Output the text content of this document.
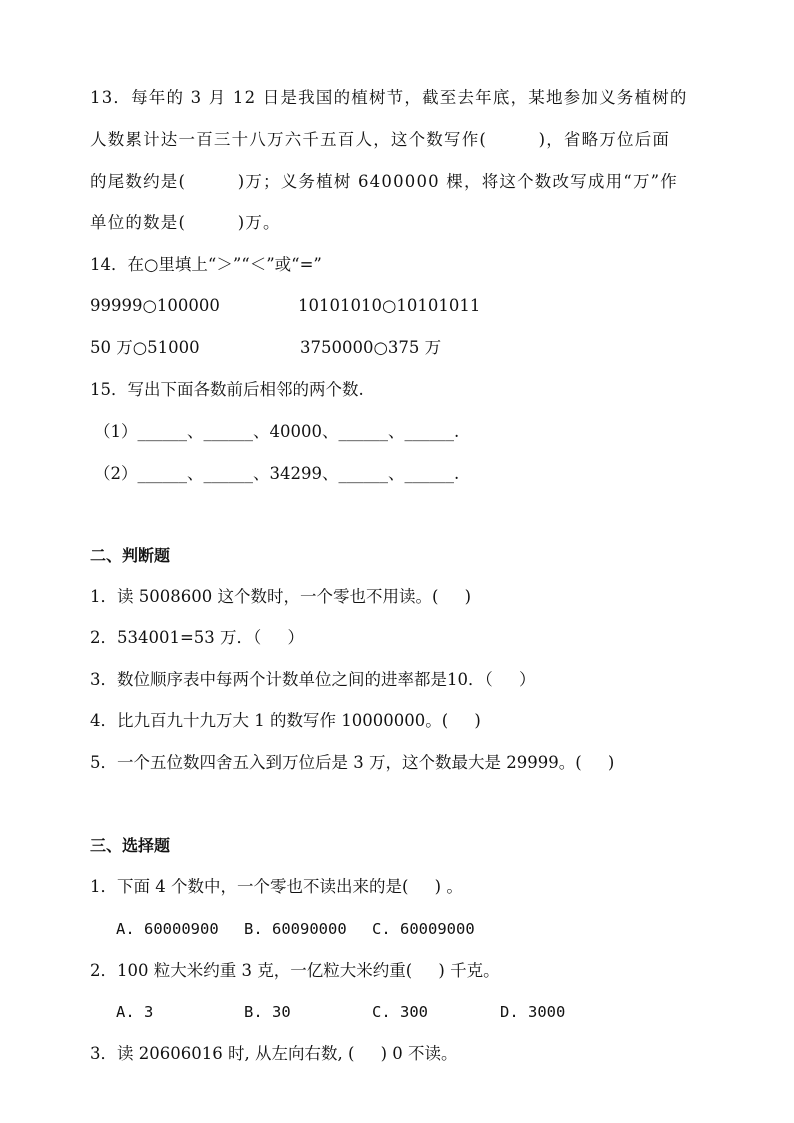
13．每年的 3 月 12 日是我国的植树节，截至去年底，某地参加义务植树的
人数累计达一百三十八万六千五百人，这个数写作(        )，省略万位后面
的尾数约是(        )万；义务植树 6400000 棵，将这个数改写成用“万”作
单位的数是(        )万。
14．在○里填上“＞”“＜”或“=”
99999○100000	10101010○10101011
50 万○51000	3750000○375 万
15．写出下面各数前后相邻的两个数.
（1）______、______、40000、______、______.
（2）______、______、34299、______、______.
二、判断题
1．读 5008600 这个数时，一个零也不用读。(     )
2．534001=53 万．（     ）
3．数位顺序表中每两个计数单位之间的进率都是10．（     ）
4．比九百九十九万大 1 的数写作 10000000。(     )
5．一个五位数四舍五入到万位后是 3 万，这个数最大是 29999。(     )
三、选择题
1．下面 4 个数中，一个零也不读出来的是(     ) 。
A. 60000900 B. 60090000 C. 60009000
2．100 粒大米约重 3 克，一亿粒大米约重(     ) 千克。
A. 3	B. 30	C. 300	D. 3000
3．读 20606016 时, 从左向右数, (     ) 0 不读。
